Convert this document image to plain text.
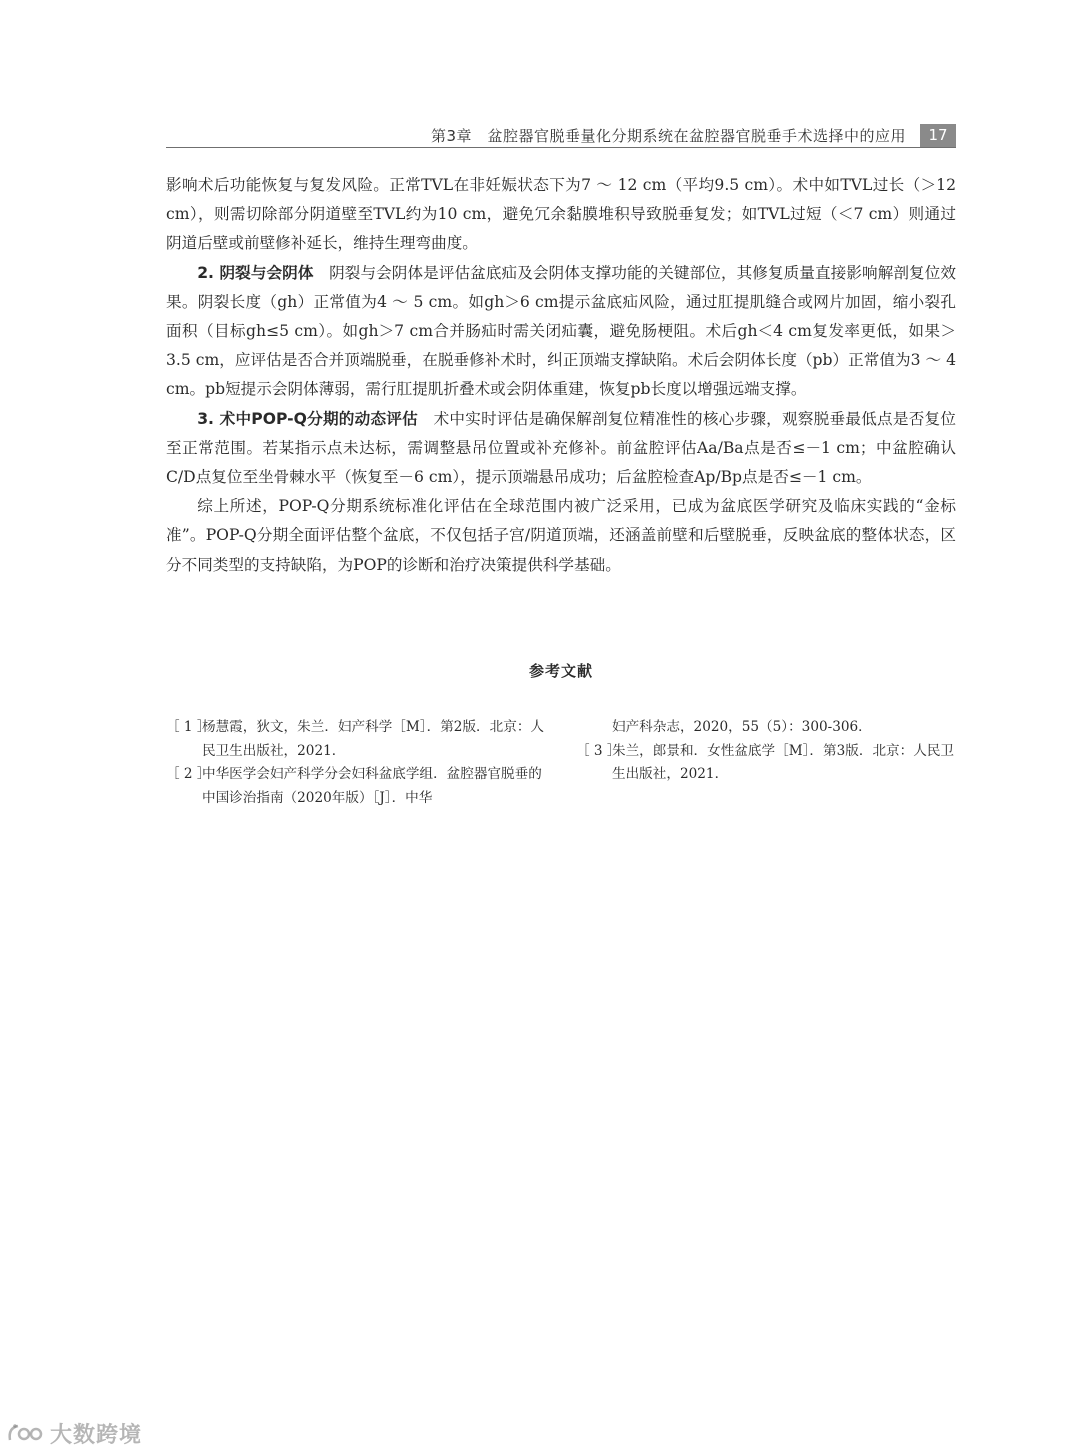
第3章　盆腔器官脱垂量化分期系统在盆腔器官脱垂手术选择中的应用	17

影响术后功能恢复与复发风险。正常TVL在非妊娠状态下为7 ～ 12 cm（平均9.5 cm）。术中如TVL过长（＞12 cm），则需切除部分阴道壁至TVL约为10 cm，避免冗余黏膜堆积导致脱垂复发；如TVL过短（＜7 cm）则通过阴道后壁或前壁修补延长，维持生理弯曲度。

2. 阴裂与会阴体 阴裂与会阴体是评估盆底疝及会阴体支撑功能的关键部位，其修复质量直接影响解剖复位效果。阴裂长度（gh）正常值为4 ～ 5 cm。如gh＞6 cm提示盆底疝风险，通过肛提肌缝合或网片加固，缩小裂孔面积（目标gh≤5 cm）。如gh＞7 cm合并肠疝时需关闭疝囊，避免肠梗阻。术后gh＜4 cm复发率更低，如果＞3.5 cm，应评估是否合并顶端脱垂，在脱垂修补术时，纠正顶端支撑缺陷。术后会阴体长度（pb）正常值为3 ～ 4 cm。pb短提示会阴体薄弱，需行肛提肌折叠术或会阴体重建，恢复pb长度以增强远端支撑。

3. 术中POP-Q分期的动态评估 术中实时评估是确保解剖复位精准性的核心步骤，观察脱垂最低点是否复位至正常范围。若某指示点未达标，需调整悬吊位置或补充修补。前盆腔评估Aa/Ba点是否≤－1 cm；中盆腔确认C/D点复位至坐骨棘水平（恢复至－6 cm），提示顶端悬吊成功；后盆腔检查Ap/Bp点是否≤－1 cm。

综上所述，POP-Q分期系统标准化评估在全球范围内被广泛采用，已成为盆底医学研究及临床实践的“金标准”。POP-Q分期全面评估整个盆底，不仅包括子宫/阴道顶端，还涵盖前壁和后壁脱垂，反映盆底的整体状态，区分不同类型的支持缺陷，为POP的诊断和治疗决策提供科学基础。

参考文献
［ 1 ］
杨慧霞，狄文，朱兰．妇产科学［M］．第2版．北京：人民卫生出版社，2021．
［ 2 ］
中华医学会妇产科学分会妇科盆底学组．盆腔器官脱垂的中国诊治指南（2020年版）［J］．中华
妇产科杂志，2020，55（5）：300-306．
［ 3 ］
朱兰，郎景和．女性盆底学［M］．第3版．北京：人民卫生出版社，2021．
大数跨境
